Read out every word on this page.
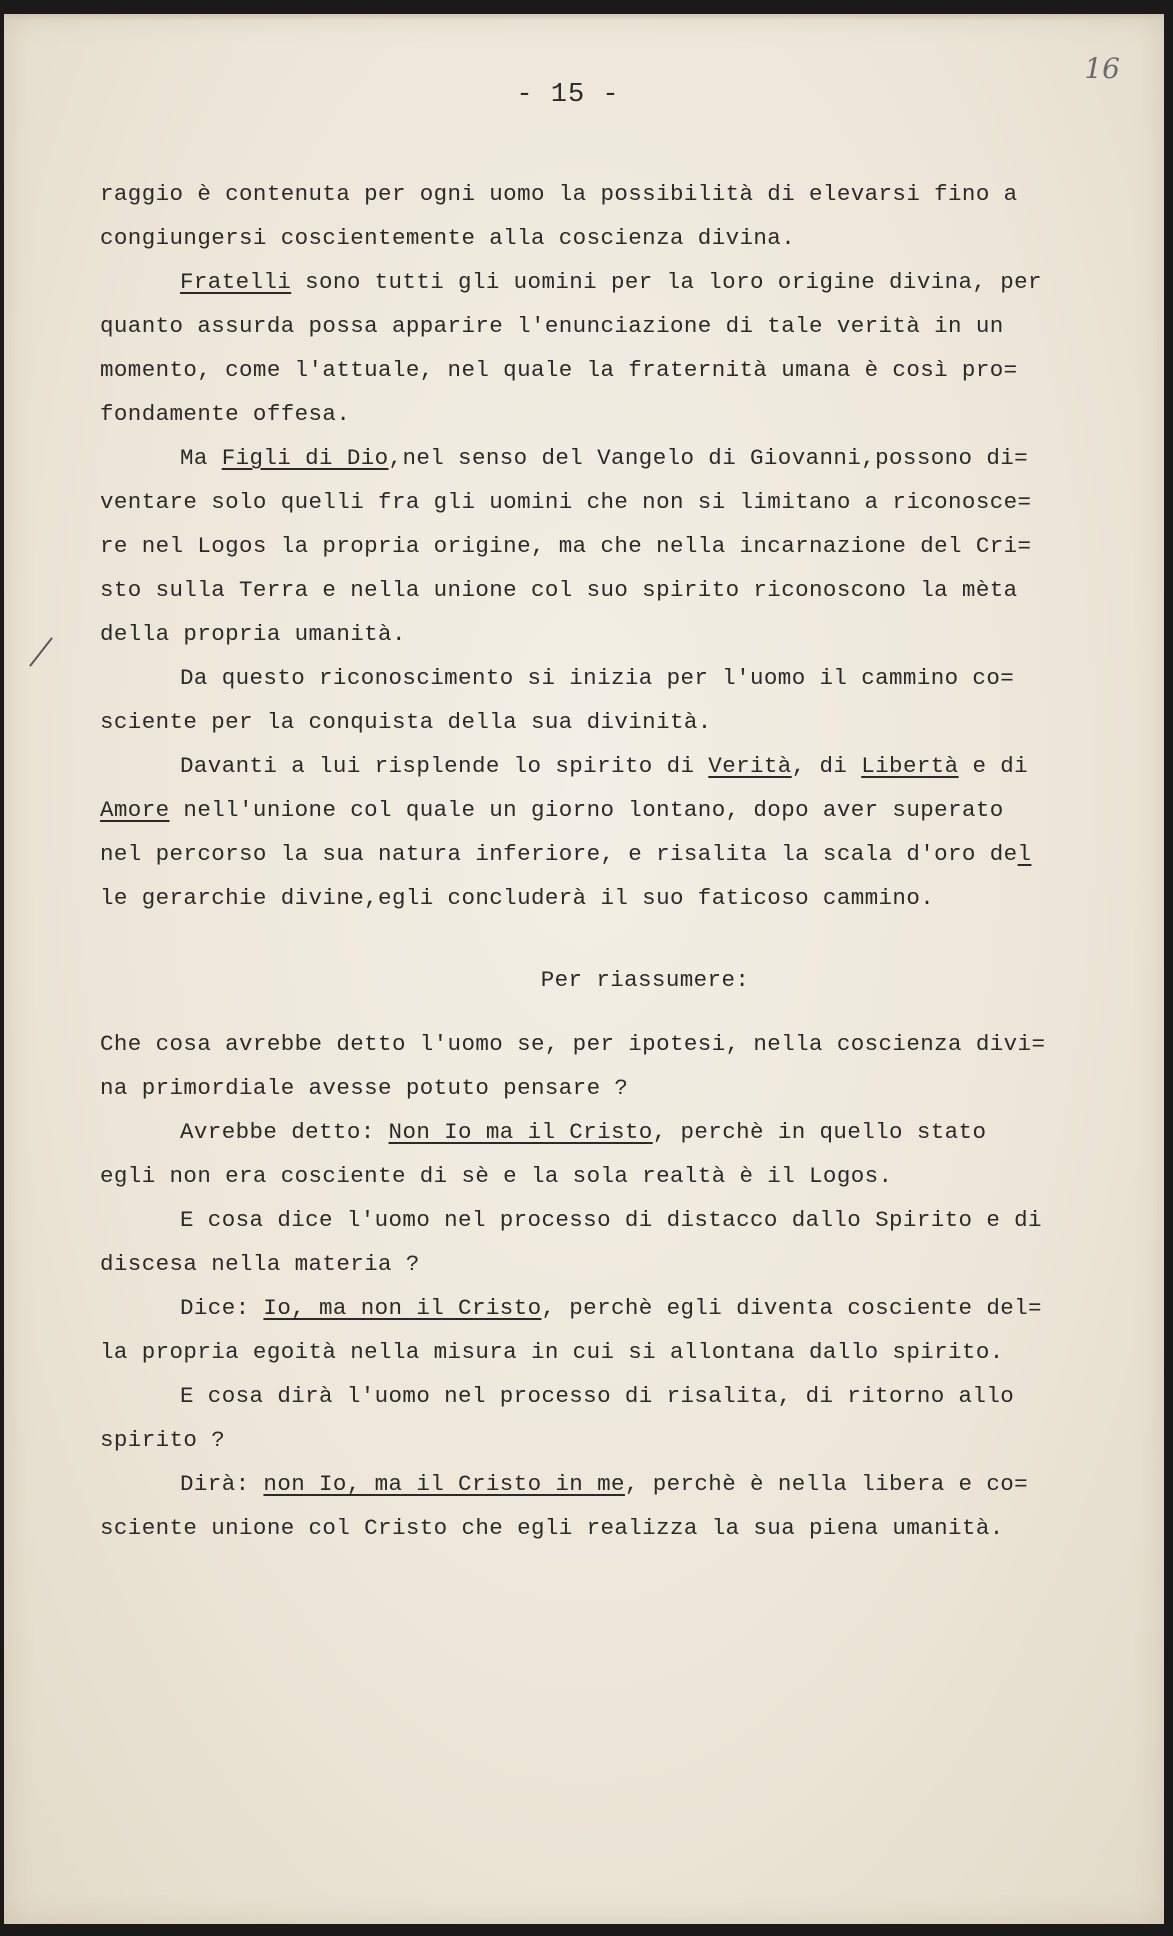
- 15 -
16
raggio è contenuta per ogni uomo la possibilità di elevarsi fino a
congiungersi coscientemente alla coscienza divina.
Fratelli sono tutti gli uomini per la loro origine divina, per
quanto assurda possa apparire l'enunciazione di tale verità in un
momento, come l'attuale, nel quale la fraternità umana è così pro=
fondamente offesa.
Ma Figli di Dio,nel senso del Vangelo di Giovanni,possono di=
ventare solo quelli fra gli uomini che non si limitano a riconosce=
re nel Logos la propria origine, ma che nella incarnazione del Cri=
sto sulla Terra e nella unione col suo spirito riconoscono la mèta
della propria umanità.
Da questo riconoscimento si inizia per l'uomo il cammino co=
sciente per la conquista della sua divinità.
Davanti a lui risplende lo spirito di Verità, di Libertà e di
Amore nell'unione col quale un giorno lontano, dopo aver superato
nel percorso la sua natura inferiore, e risalita la scala d'oro del
le gerarchie divine,egli concluderà il suo faticoso cammino.
Per riassumere:
Che cosa avrebbe detto l'uomo se, per ipotesi, nella coscienza divi=
na primordiale avesse potuto pensare ?
Avrebbe detto: Non Io ma il Cristo, perchè in quello stato
egli non era cosciente di sè e la sola realtà è il Logos.
E cosa dice l'uomo nel processo di distacco dallo Spirito e di
discesa nella materia ?
Dice: Io, ma non il Cristo, perchè egli diventa cosciente del=
la propria egoità nella misura in cui si allontana dallo spirito.
E cosa dirà l'uomo nel processo di risalita, di ritorno allo
spirito ?
Dirà: non Io, ma il Cristo in me, perchè è nella libera e co=
sciente unione col Cristo che egli realizza la sua piena umanità.
